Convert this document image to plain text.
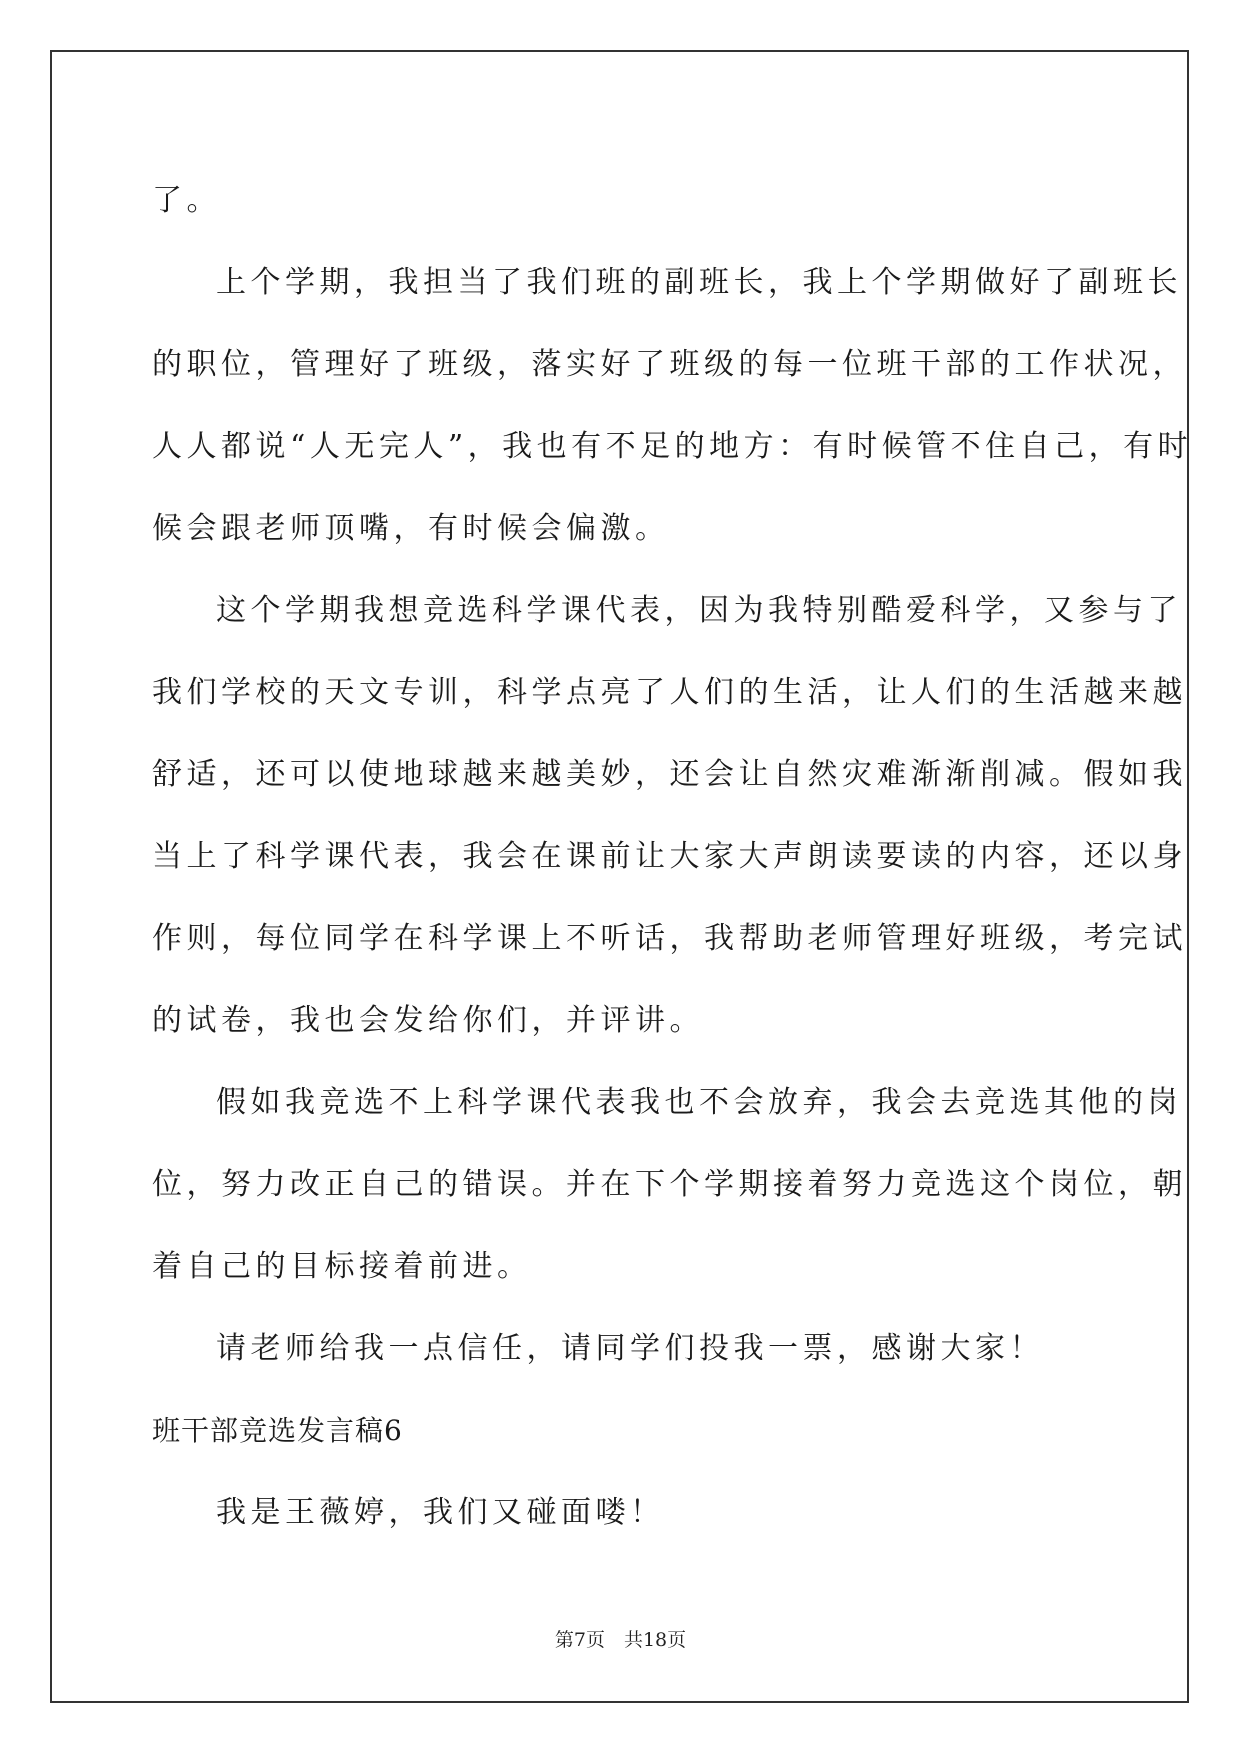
了。

上个学期，我担当了我们班的副班长，我上个学期做好了副班长

的职位，管理好了班级，落实好了班级的每一位班干部的工作状况，

人人都说“人无完人”，我也有不足的地方：有时候管不住自己，有时

候会跟老师顶嘴，有时候会偏激。

这个学期我想竞选科学课代表，因为我特别酷爱科学，又参与了

我们学校的天文专训，科学点亮了人们的生活，让人们的生活越来越

舒适，还可以使地球越来越美妙，还会让自然灾难渐渐削减。假如我

当上了科学课代表，我会在课前让大家大声朗读要读的内容，还以身

作则，每位同学在科学课上不听话，我帮助老师管理好班级，考完试

的试卷，我也会发给你们，并评讲。

假如我竞选不上科学课代表我也不会放弃，我会去竞选其他的岗

位，努力改正自己的错误。并在下个学期接着努力竞选这个岗位，朝

着自己的目标接着前进。

请老师给我一点信任，请同学们投我一票，感谢大家！

班干部竞选发言稿6

我是王薇婷，我们又碰面喽！

第7页　共18页
